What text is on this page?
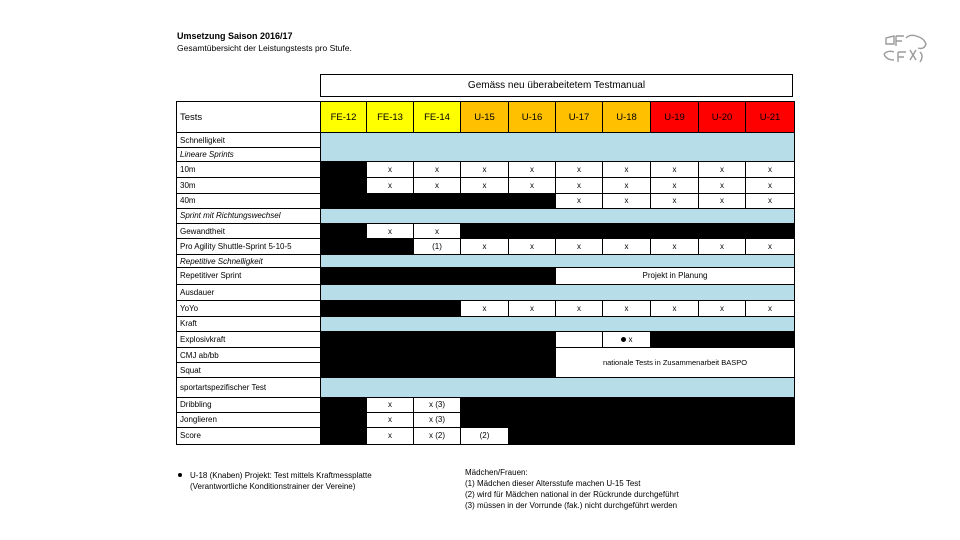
Umsetzung Saison 2016/17
Gesamtübersicht der Leistungstests pro Stufe.
Gemäss neu überabeitetem Testmanual
Tests	FE-12	FE-13	FE-14	U-15	U-16	U-17	U-18	U-19	U-20	U-21
Schnelligkeit										
Lineare Sprints										
10m		x	x	x	x	x	x	x	x	x
30m		x	x	x	x	x	x	x	x	x
40m						x	x	x	x	x
Sprint mit Richtungswechsel										
Gewandtheit		x	x							
Pro Agility Shuttle-Sprint 5-10-5			(1)	x	x	x	x	x	x	x
Repetitive Schnelligkeit										
Repetitiver Sprint						Projekt in Planung				
Ausdauer										
YoYo				x	x	x	x	x	x	x
Kraft										
Explosivkraft							x			
CMJ ab/bb						nationale Tests in Zusammenarbeit BASPO				
Squat										
sportartspezifischer Test										
Dribbling		x	x (3)							
Jonglieren		x	x (3)							
Score		x	x (2)	(2)						
U-18 (Knaben) Projekt: Test mittels Kraftmessplatte
(Verantwortliche Konditionstrainer der Vereine)
Mädchen/Frauen:
(1) Mädchen dieser Altersstufe machen U-15 Test
(2) wird für Mädchen national in der Rückrunde durchgeführt
(3) müssen in der Vorrunde (fak.) nicht durchgeführt werden
